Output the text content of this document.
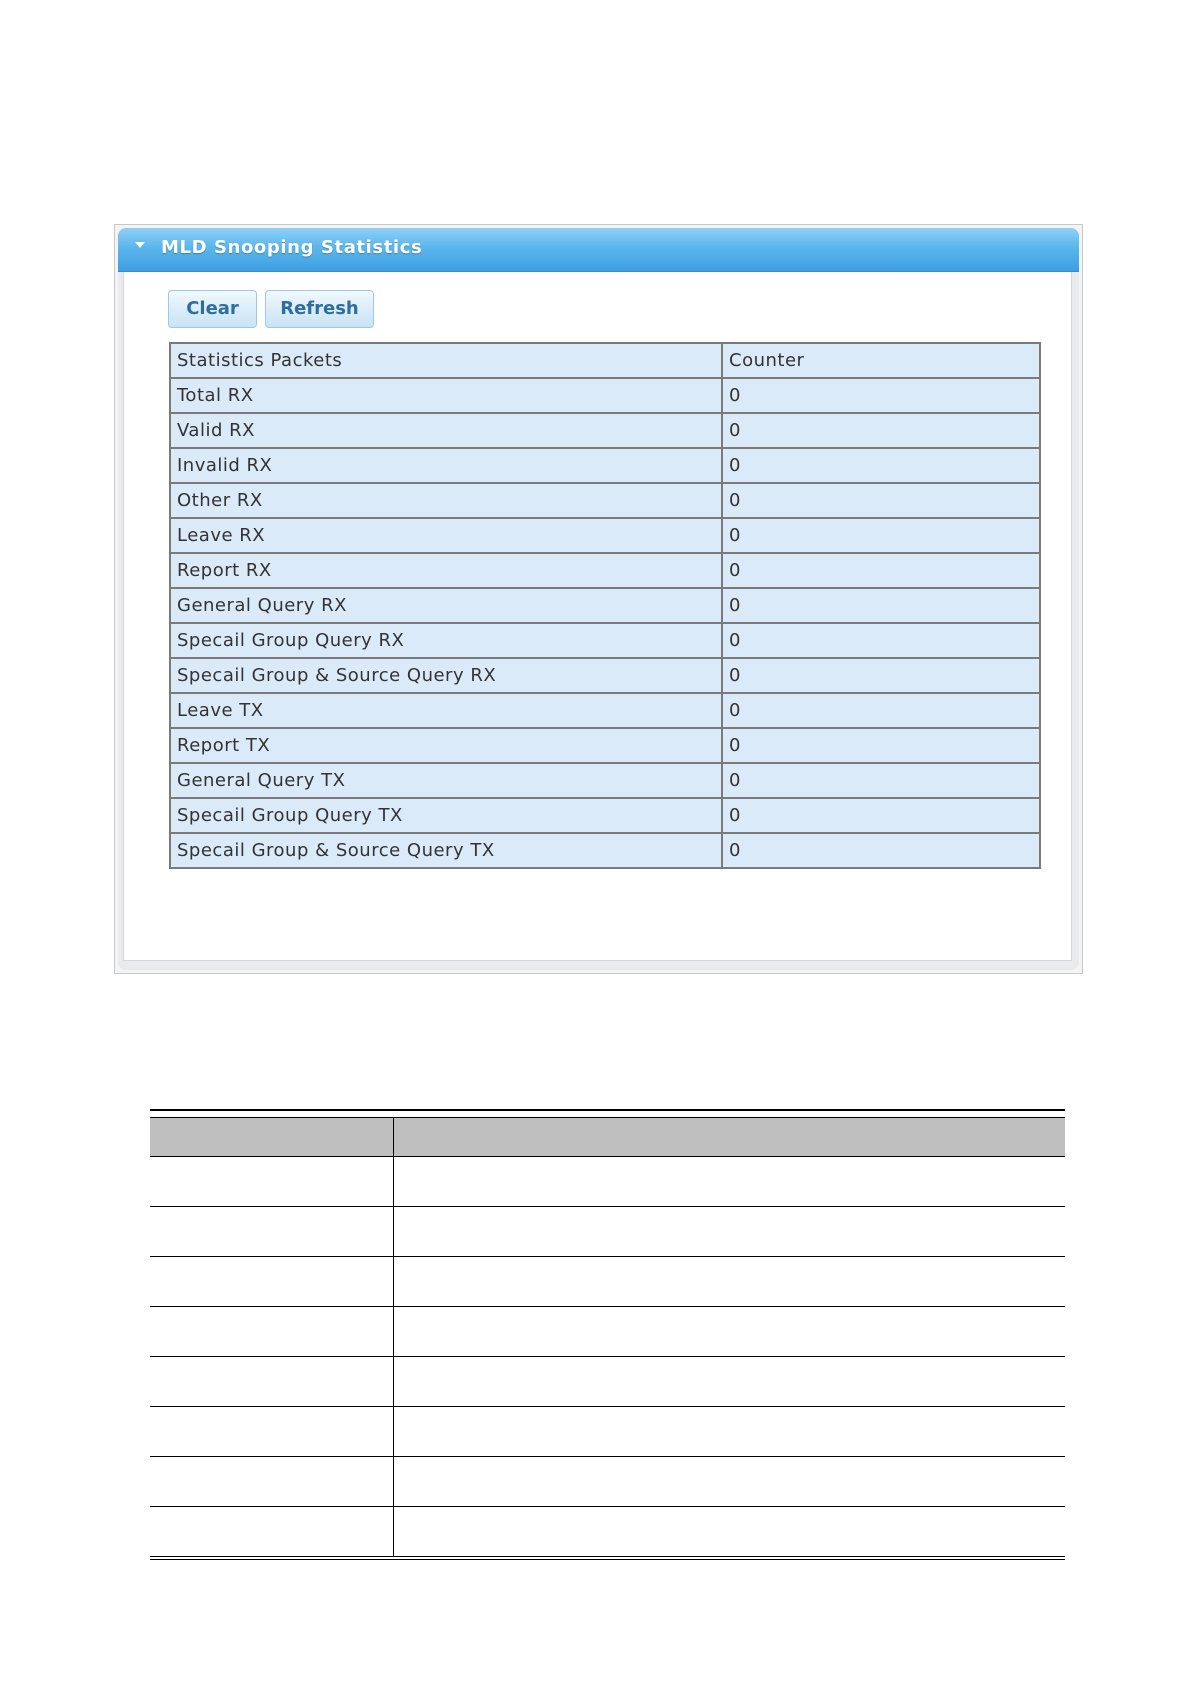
MLD Snooping Statistics
Clear	Refresh
Statistics Packets	Counter
Total RX	0
Valid RX	0
Invalid RX	0
Other RX	0
Leave RX	0
Report RX	0
General Query RX	0
Specail Group Query RX	0
Specail Group & Source Query RX	0
Leave TX	0
Report TX	0
General Query TX	0
Specail Group Query TX	0
Specail Group & Source Query TX	0
